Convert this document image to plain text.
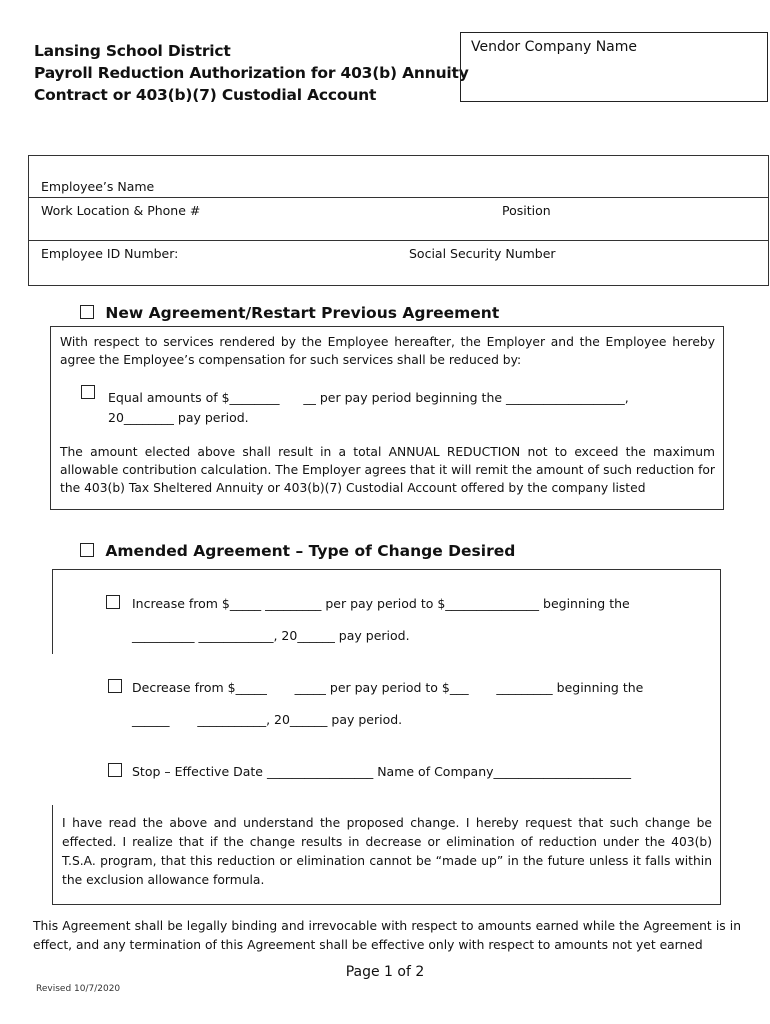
Lansing School District
Payroll Reduction Authorization for 403(b) Annuity
Contract or 403(b)(7) Custodial Account
Vendor Company Name
Employee’s Name
Work Location & Phone #	Position
Employee ID Number:	Social Security Number
New Agreement/Restart Previous Agreement

With respect to services rendered by the Employee hereafter, the Employer and the Employee hereby agree the Employee’s compensation for such services shall be reduced by:

Equal amounts of $________      __ per pay period beginning the ___________________,
20________ pay period.

The amount elected above shall result in a total ANNUAL REDUCTION not to exceed the maximum allowable contribution calculation. The Employer agrees that it will remit the amount of such reduction for the 403(b) Tax Sheltered Annuity or 403(b)(7) Custodial Account offered by the company listed

Amended Agreement – Type of Change Desired
Increase from $_____ _________ per pay period to $_______________ beginning the
__________ ____________, 20______ pay period.
Decrease from $_____       _____ per pay period to $___       _________ beginning the
______       ___________, 20______ pay period.
Stop – Effective Date _________________ Name of Company______________________

I have read the above and understand the proposed change. I hereby request that such change be effected. I realize that if the change results in decrease or elimination of reduction under the 403(b) T.S.A. program, that this reduction or elimination cannot be “made up” in the future unless it falls within the exclusion allowance formula.

This Agreement shall be legally binding and irrevocable with respect to amounts earned while the Agreement is in effect, and any termination of this Agreement shall be effective only with respect to amounts not yet earned
Page 1 of 2
Revised 10/7/2020
